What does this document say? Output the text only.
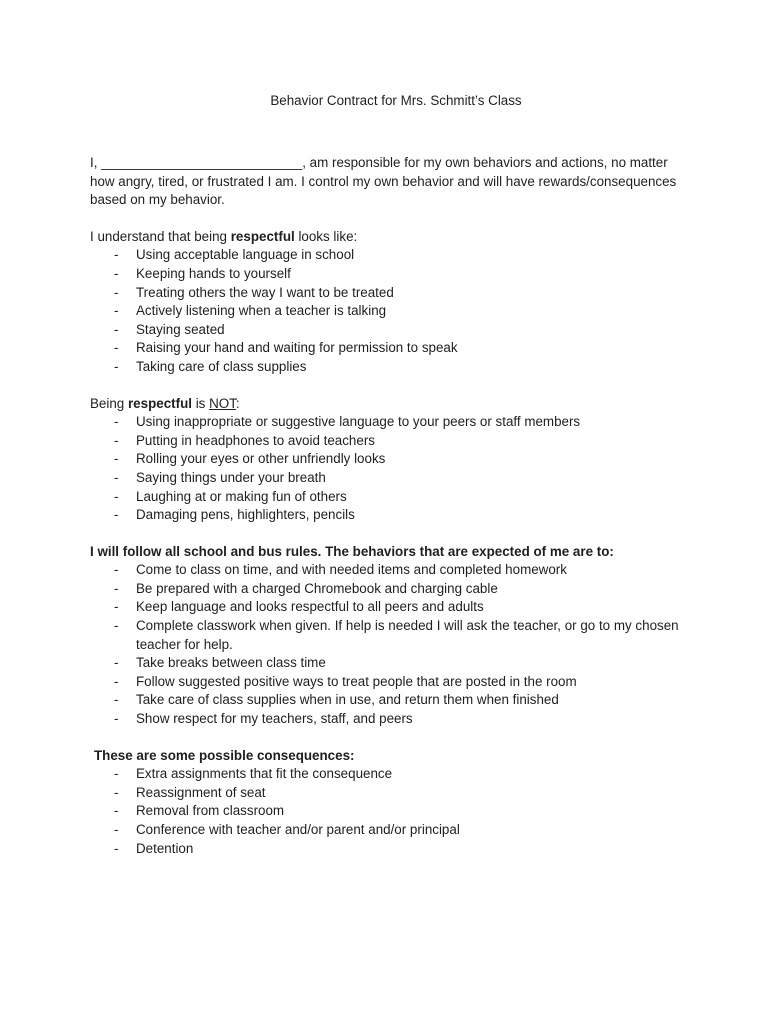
Behavior Contract for Mrs. Schmitt’s Class

I, ___________________________, am responsible for my own behaviors and actions, no matter how angry, tired, or frustrated I am. I control my own behavior and will have rewards/consequences based on my behavior.

I understand that being respectful looks like:

- Using acceptable language in school
- Keeping hands to yourself
- Treating others the way I want to be treated
- Actively listening when a teacher is talking
- Staying seated
- Raising your hand and waiting for permission to speak
- Taking care of class supplies

Being respectful is NOT:

- Using inappropriate or suggestive language to your peers or staff members
- Putting in headphones to avoid teachers
- Rolling your eyes or other unfriendly looks
- Saying things under your breath
- Laughing at or making fun of others
- Damaging pens, highlighters, pencils

I will follow all school and bus rules. The behaviors that are expected of me are to:

- Come to class on time, and with needed items and completed homework
- Be prepared with a charged Chromebook and charging cable
- Keep language and looks respectful to all peers and adults
- Complete classwork when given. If help is needed I will ask the teacher, or go to my chosen teacher for help.
- Take breaks between class time
- Follow suggested positive ways to treat people that are posted in the room
- Take care of class supplies when in use, and return them when finished
- Show respect for my teachers, staff, and peers

These are some possible consequences:

- Extra assignments that fit the consequence
- Reassignment of seat
- Removal from classroom
- Conference with teacher and/or parent and/or principal
- Detention
